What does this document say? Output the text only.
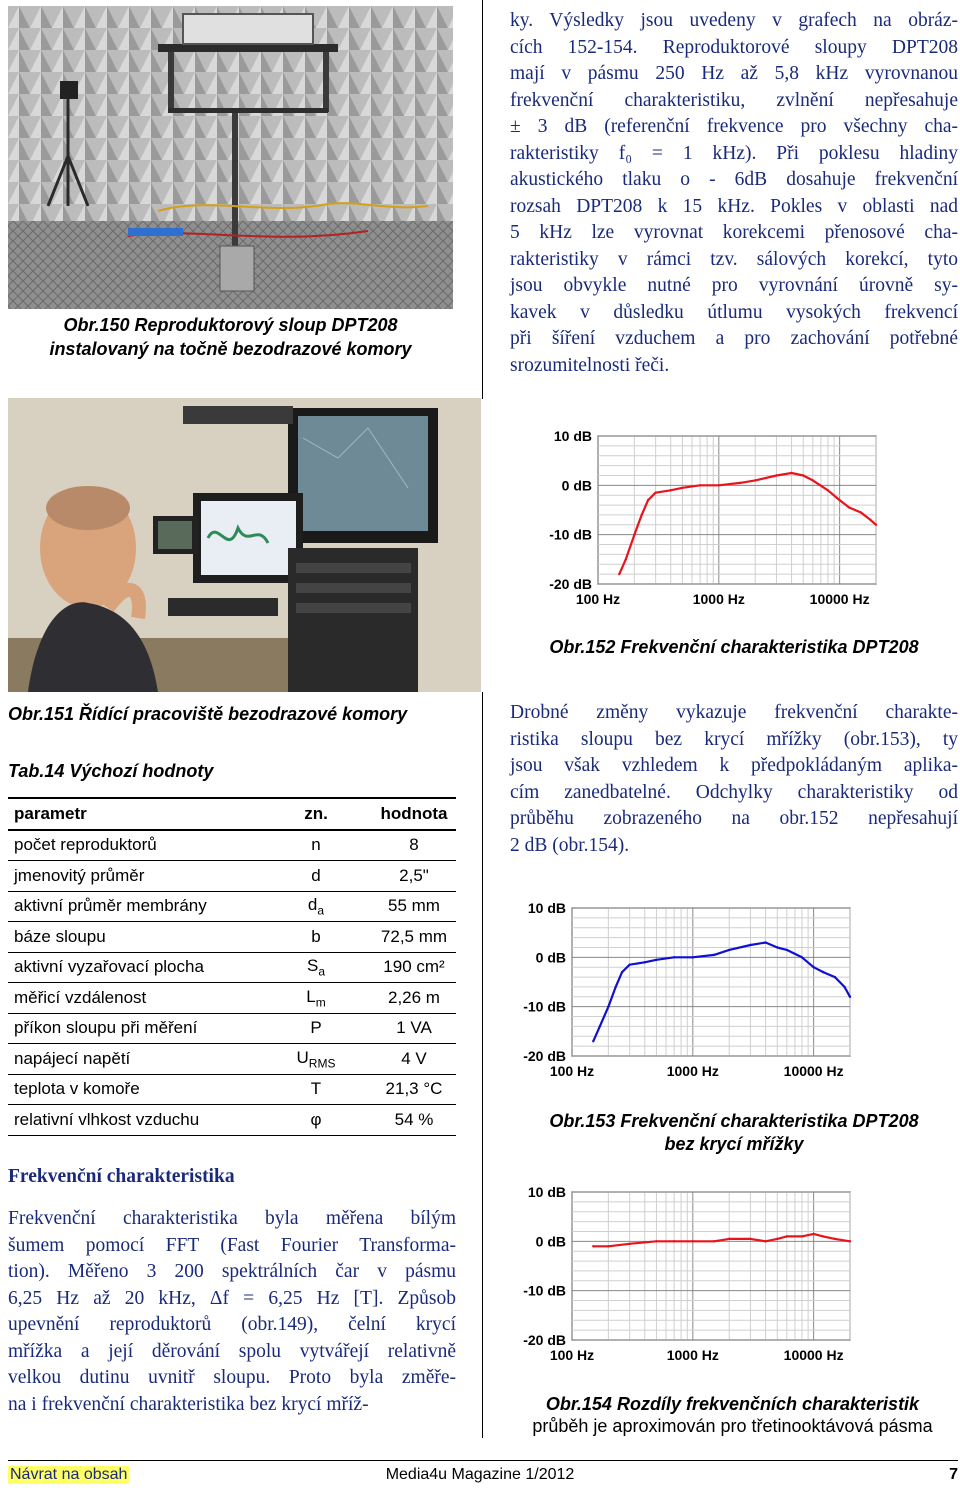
Obr.150 Reproduktorový sloup DPT208
instalovaný na točně bezodrazové komory
ky. Výsledky jsou uvedeny v grafech na obráz-
cích 152-154. Reproduktorové sloupy DPT208
mají v pásmu 250 Hz až 5,8 kHz vyrovnanou
frekvenční charakteristiku, zvlnění nepřesahuje
± 3 dB (referenční frekvence pro všechny cha-
rakteristiky f₀ = 1 kHz). Při poklesu hladiny
akustického tlaku o - 6dB dosahuje frekvenční
rozsah DPT208 k 15 kHz. Pokles v oblasti nad
5 kHz lze vyrovnat korekcemi přenosové cha-
rakteristiky v rámci tzv. sálových korekcí, tyto
jsou obvykle nutné pro vyrovnání úrovně sy-
kavek v důsledku útlumu vysokých frekvencí
při šíření vzduchem a pro zachování potřebné
srozumitelnosti řeči.
Obr.151 Řídící pracoviště bezodrazové komory
10 dB
0 dB
-10 dB
-20 dB
100 Hz	1000 Hz	10000 Hz
Obr.152 Frekvenční charakteristika DPT208
Tab.14 Výchozí hodnoty
parametr	zn.	hodnota
počet reproduktorů	n	8
jmenovitý průměr	d	2,5"
aktivní průměr membrány	$d_a$	55 mm
báze sloupu	b	72,5 mm
aktivní vyzařovací plocha	$S_a$	190 cm²
měřicí vzdálenost	$L_m$	2,26 m
příkon sloupu při měření	P	1 VA
napájecí napětí	$U_{RMS}$	4 V
teplota v komoře	T	21,3 °C
relativní vlhkost vzduchu	φ	54 %
Frekvenční charakteristika
Frekvenční charakteristika byla měřena bílým
šumem pomocí FFT (Fast Fourier Transforma-
tion). Měřeno 3 200 spektrálních čar v pásmu
6,25 Hz až 20 kHz, Δf = 6,25 Hz [T]. Způsob
upevnění reproduktorů (obr.149), čelní krycí
mřížka a její děrování spolu vytvářejí relativně
velkou dutinu uvnitř sloupu. Proto byla změře-
na i frekvenční charakteristika bez krycí mříž-
Drobné změny vykazuje frekvenční charakte-
ristika sloupu bez krycí mřížky (obr.153), ty
jsou však vzhledem k předpokládaným aplika-
cím zanedbatelné. Odchylky charakteristiky od
průběhu zobrazeného na obr.152 nepřesahují
2 dB (obr.154).
10 dB
0 dB
-10 dB
-20 dB
100 Hz	1000 Hz	10000 Hz
Obr.153 Frekvenční charakteristika DPT208
bez krycí mřížky
10 dB
0 dB
-10 dB
-20 dB
100 Hz	1000 Hz	10000 Hz
Obr.154 Rozdíly frekvenčních charakteristik
průběh je aproximován pro třetinooktávová pásma
Návrat na obsah	Media4u Magazine 1/2012	7
